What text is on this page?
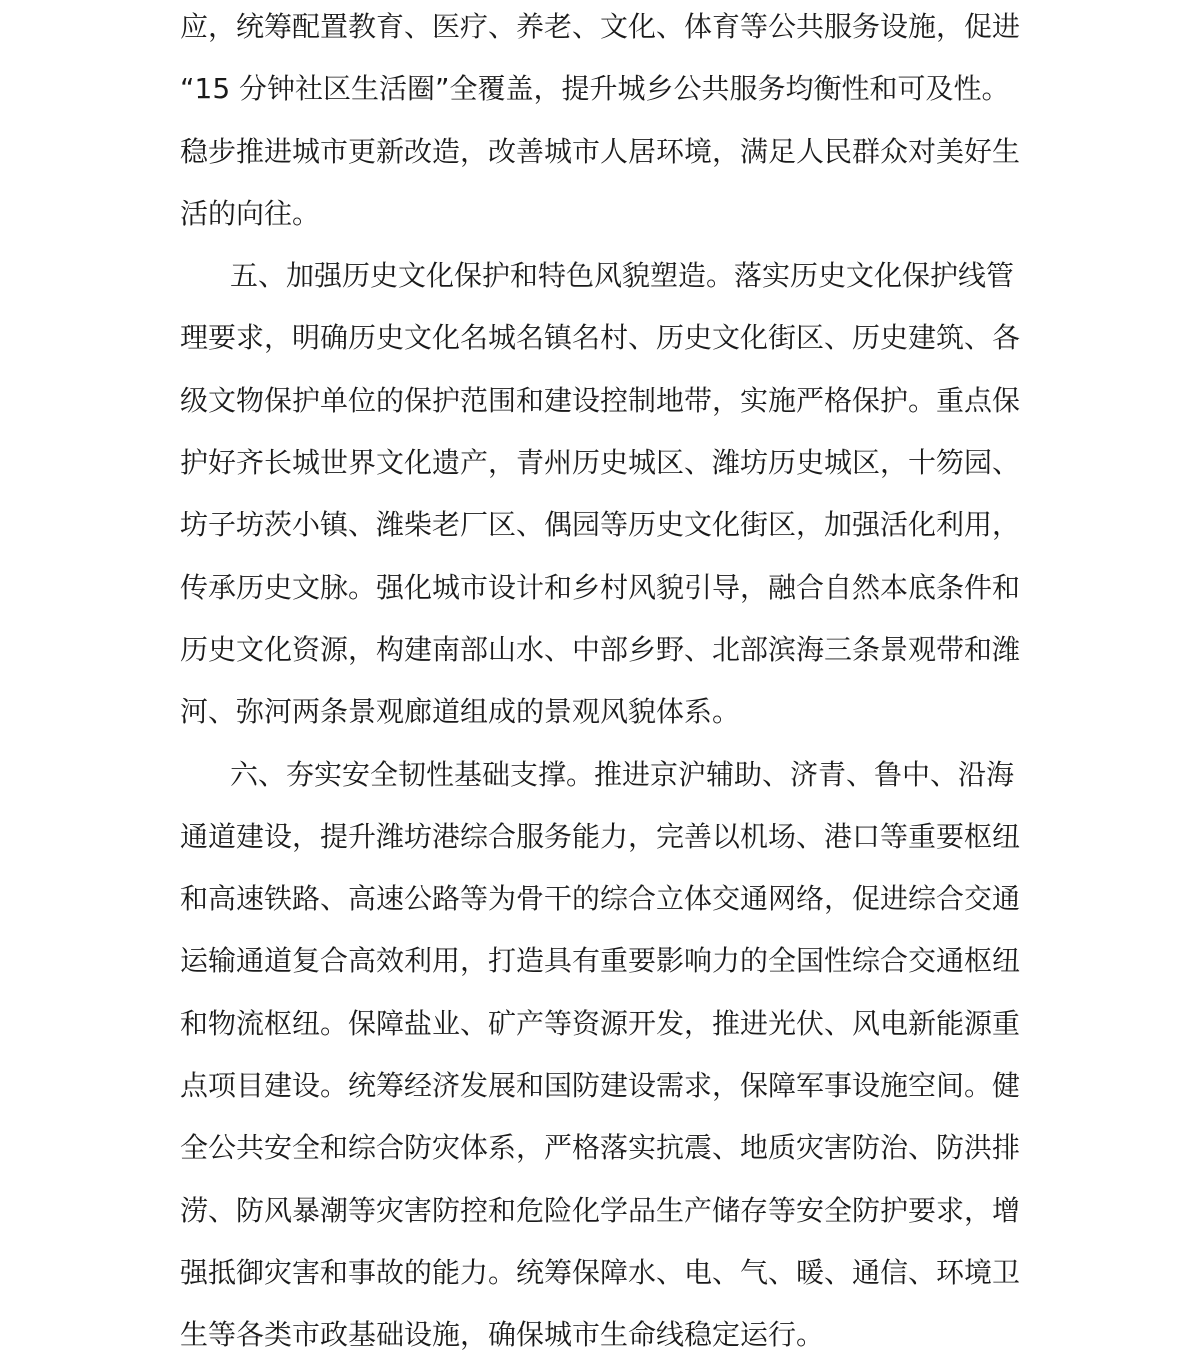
应，统筹配置教育、医疗、养老、文化、体育等公共服务设施，促进

“15 分钟社区生活圈”全覆盖，提升城乡公共服务均衡性和可及性。

稳步推进城市更新改造，改善城市人居环境，满足人民群众对美好生

活的向往。

五、加强历史文化保护和特色风貌塑造。落实历史文化保护线管

理要求，明确历史文化名城名镇名村、历史文化街区、历史建筑、各

级文物保护单位的保护范围和建设控制地带，实施严格保护。重点保

护好齐长城世界文化遗产，青州历史城区、潍坊历史城区，十笏园、

坊子坊茨小镇、潍柴老厂区、偶园等历史文化街区，加强活化利用，

传承历史文脉。强化城市设计和乡村风貌引导，融合自然本底条件和

历史文化资源，构建南部山水、中部乡野、北部滨海三条景观带和潍

河、弥河两条景观廊道组成的景观风貌体系。

六、夯实安全韧性基础支撑。推进京沪辅助、济青、鲁中、沿海

通道建设，提升潍坊港综合服务能力，完善以机场、港口等重要枢纽

和高速铁路、高速公路等为骨干的综合立体交通网络，促进综合交通

运输通道复合高效利用，打造具有重要影响力的全国性综合交通枢纽

和物流枢纽。保障盐业、矿产等资源开发，推进光伏、风电新能源重

点项目建设。统筹经济发展和国防建设需求，保障军事设施空间。健

全公共安全和综合防灾体系，严格落实抗震、地质灾害防治、防洪排

涝、防风暴潮等灾害防控和危险化学品生产储存等安全防护要求，增

强抵御灾害和事故的能力。统筹保障水、电、气、暖、通信、环境卫

生等各类市政基础设施，确保城市生命线稳定运行。
